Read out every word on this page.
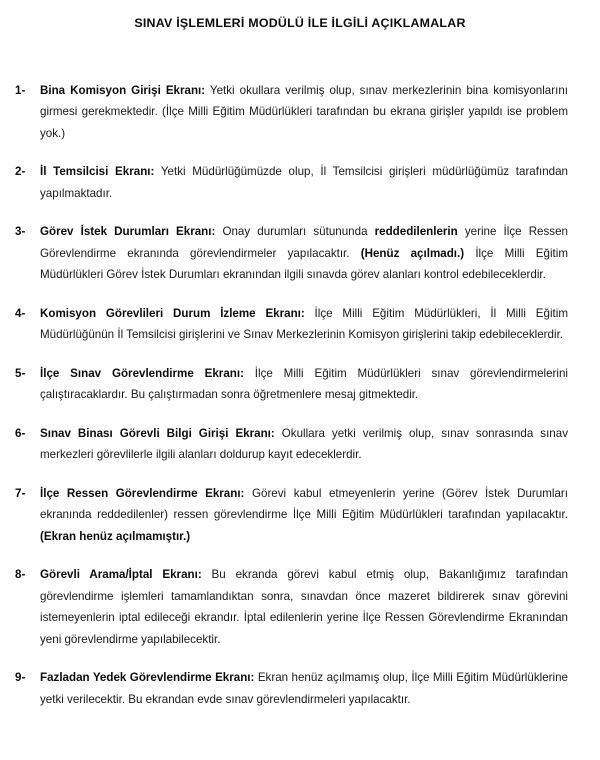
SINAV İŞLEMLERİ MODÜLÜ İLE İLGİLİ AÇIKLAMALAR
1-	Bina Komisyon Girişi Ekranı: Yetki okullara verilmiş olup, sınav merkezlerinin bina komisyonlarını girmesi gerekmektedir. (İlçe Milli Eğitim Müdürlükleri tarafından bu ekrana girişler yapıldı ise problem yok.)

2-	İl Temsilcisi Ekranı: Yetki Müdürlüğümüzde olup, İl Temsilcisi girişleri müdürlüğümüz tarafından yapılmaktadır.

3-	Görev İstek Durumları Ekranı: Onay durumları sütununda reddedilenlerin yerine İlçe Ressen Görevlendirme ekranında görevlendirmeler yapılacaktır. (Henüz açılmadı.) İlçe Milli Eğitim Müdürlükleri Görev İstek Durumları ekranından ilgili sınavda görev alanları kontrol edebileceklerdir.

4-	Komisyon Görevlileri Durum İzleme Ekranı: İlçe Milli Eğitim Müdürlükleri, İl Milli Eğitim Müdürlüğünün İl Temsilcisi girişlerini ve Sınav Merkezlerinin Komisyon girişlerini takip edebileceklerdir.

5-	İlçe Sınav Görevlendirme Ekranı: İlçe Milli Eğitim Müdürlükleri sınav görevlendirmelerini çalıştıracaklardır. Bu çalıştırmadan sonra öğretmenlere mesaj gitmektedir.

6-	Sınav Binası Görevli Bilgi Girişi Ekranı: Okullara yetki verilmiş olup, sınav sonrasında sınav merkezleri görevlilerle ilgili alanları doldurup kayıt edeceklerdir.

7-	İlçe Ressen Görevlendirme Ekranı: Görevi kabul etmeyenlerin yerine (Görev İstek Durumları ekranında reddedilenler) ressen görevlendirme İlçe Milli Eğitim Müdürlükleri tarafından yapılacaktır. (Ekran henüz açılmamıştır.)

8-	Görevli Arama/İptal Ekranı: Bu ekranda görevi kabul etmiş olup, Bakanlığımız tarafından görevlendirme işlemleri tamamlandıktan sonra, sınavdan önce mazeret bildirerek sınav görevini istemeyenlerin iptal edileceği ekrandır. İptal edilenlerin yerine İlçe Ressen Görevlendirme Ekranından yeni görevlendirme yapılabilecektir.

9-	Fazladan Yedek Görevlendirme Ekranı: Ekran henüz açılmamış olup, İlçe Milli Eğitim Müdürlüklerine yetki verilecektir. Bu ekrandan evde sınav görevlendirmeleri yapılacaktır.
